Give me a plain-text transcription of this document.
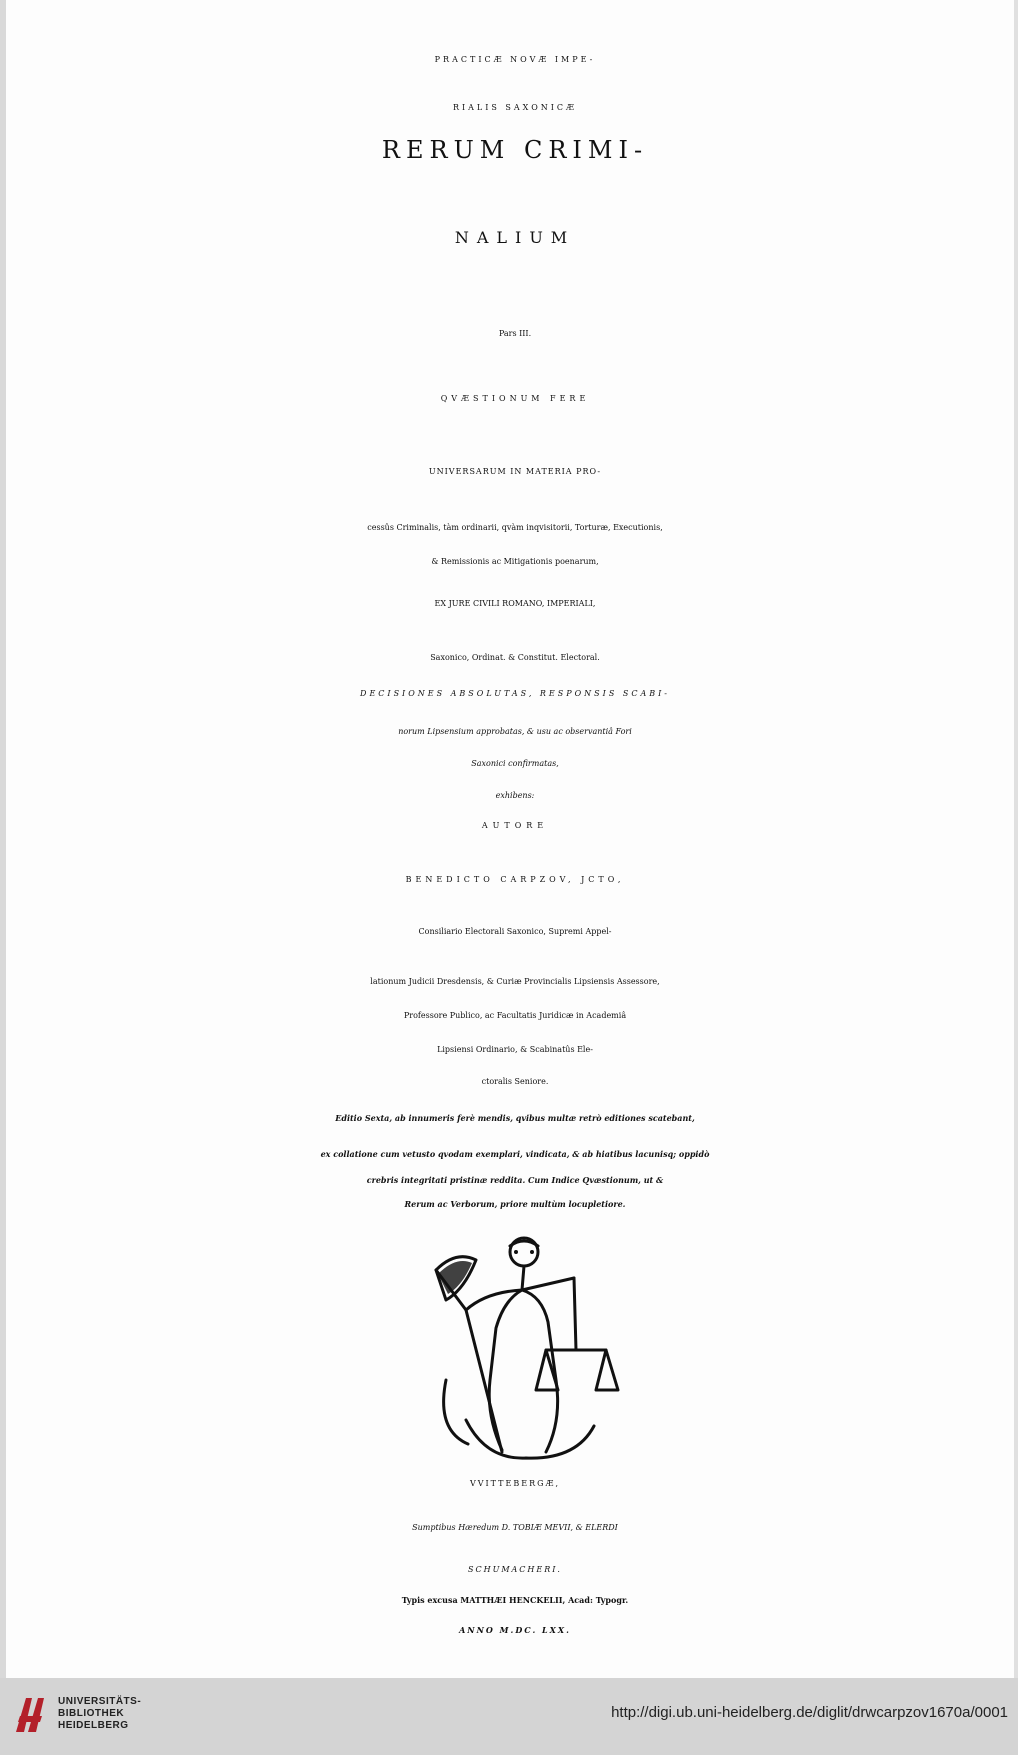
PRACTICÆ NOVÆ IMPE-
RIALIS SAXONICÆ
RERUM CRIMI-
NALIUM
Pars III.
QVÆSTIONUM FERE
UNIVERSARUM IN MATERIA PRO-
cessûs Criminalis, tàm ordinarii, qvàm inqvisitorii, Torturæ, Executionis,
& Remissionis ac Mitigationis poenarum,
EX JURE CIVILI ROMANO, IMPERIALI,
Saxonico, Ordinat. & Constitut. Electoral.
DECISIONES ABSOLUTAS, RESPONSIS SCABI-
norum Lipsensium approbatas, & usu ac observantiâ Fori
Saxonici confirmatas,
exhibens:
AUTORE
BENEDICTO CARPZOV, JCTO,
Consiliario Electorali Saxonico, Supremi Appel-
lationum Judicii Dresdensis, & Curiæ Provincialis Lipsiensis Assessore,
Professore Publico, ac Facultatis Juridicæ in Academiâ
Lipsiensi Ordinario, & Scabinatûs Ele-
ctoralis Seniore.
Editio Sexta, ab innumeris ferè mendis, qvibus multæ retrò editiones scatebant,
ex collatione cum vetusto qvodam exemplari, vindicata, & ab hiatibus lacunisq; oppidò
crebris integritati pristinæ reddita. Cum Indice Qvæstionum, ut &
Rerum ac Verborum, priore multùm locupletiore.
VVITTEBERGÆ,
Sumptibus Hæredum D. TOBIÆ MEVII, & ELERDI
SCHUMACHERI.
Typis excusa MATTHÆI HENCKELII, Acad: Typogr.
ANNO M.DC. LXX.
UNIVERSITÄTS-
BIBLIOTHEK
HEIDELBERG
http://digi.ub.uni-heidelberg.de/diglit/drwcarpzov1670a/0001
